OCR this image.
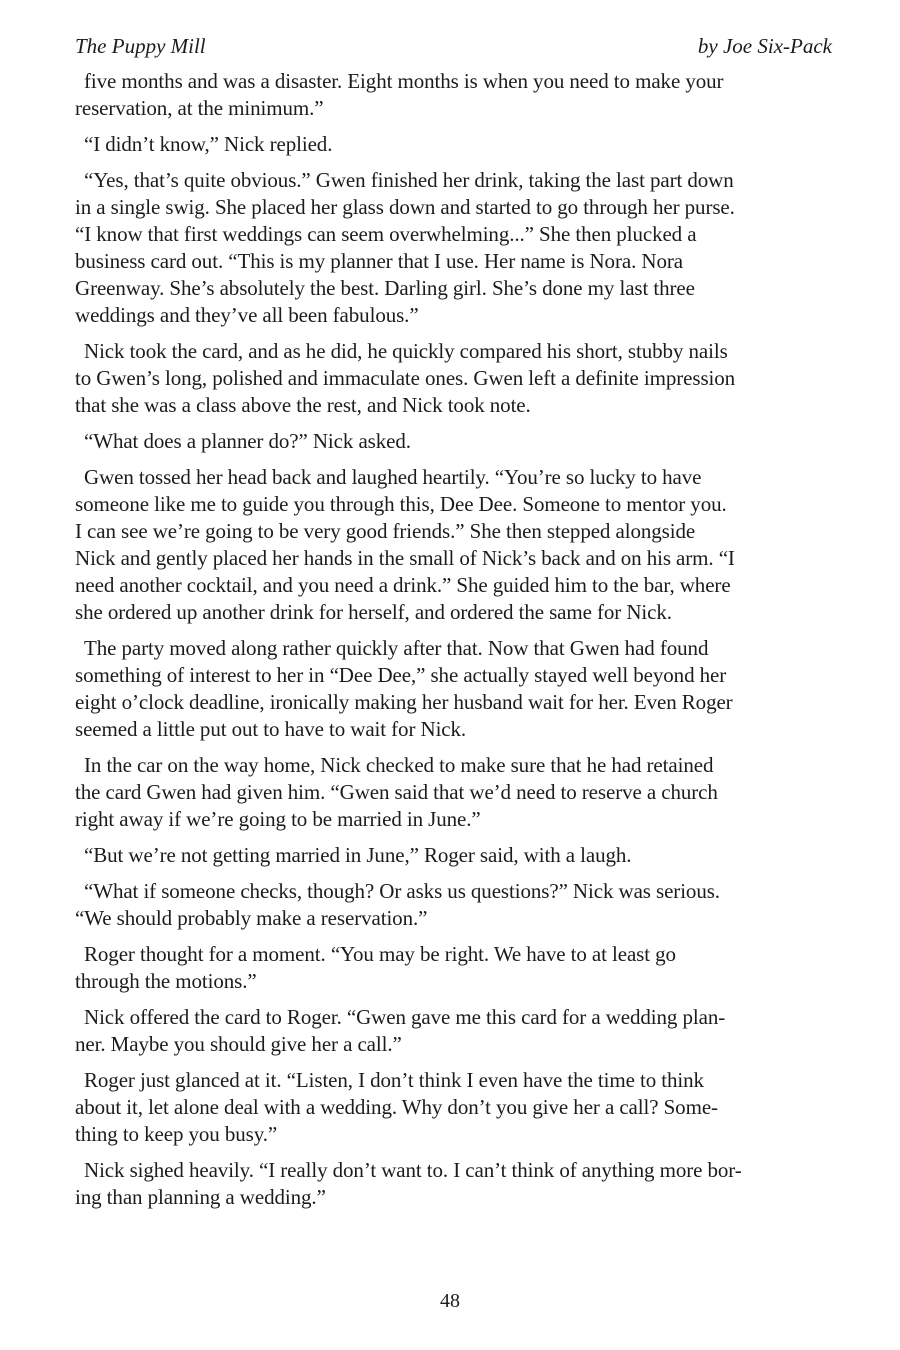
The Puppy Mill	by Joe Six-Pack
five months and was a disaster. Eight months is when you need to make your
reservation, at the minimum.”
“I didn’t know,” Nick replied.
“Yes, that’s quite obvious.” Gwen finished her drink, taking the last part down
in a single swig. She placed her glass down and started to go through her purse.
“I know that first weddings can seem overwhelming...” She then plucked a
business card out. “This is my planner that I use. Her name is Nora. Nora
Greenway. She’s absolutely the best. Darling girl. She’s done my last three
weddings and they’ve all been fabulous.”
Nick took the card, and as he did, he quickly compared his short, stubby nails
to Gwen’s long, polished and immaculate ones. Gwen left a definite impression
that she was a class above the rest, and Nick took note.
“What does a planner do?” Nick asked.
Gwen tossed her head back and laughed heartily. “You’re so lucky to have
someone like me to guide you through this, Dee Dee. Someone to mentor you.
I can see we’re going to be very good friends.” She then stepped alongside
Nick and gently placed her hands in the small of Nick’s back and on his arm. “I
need another cocktail, and you need a drink.” She guided him to the bar, where
she ordered up another drink for herself, and ordered the same for Nick.
The party moved along rather quickly after that. Now that Gwen had found
something of interest to her in “Dee Dee,” she actually stayed well beyond her
eight o’clock deadline, ironically making her husband wait for her. Even Roger
seemed a little put out to have to wait for Nick.
In the car on the way home, Nick checked to make sure that he had retained
the card Gwen had given him. “Gwen said that we’d need to reserve a church
right away if we’re going to be married in June.”
“But we’re not getting married in June,” Roger said, with a laugh.
“What if someone checks, though? Or asks us questions?” Nick was serious.
“We should probably make a reservation.”
Roger thought for a moment. “You may be right. We have to at least go
through the motions.”
Nick offered the card to Roger. “Gwen gave me this card for a wedding plan-
ner. Maybe you should give her a call.”
Roger just glanced at it. “Listen, I don’t think I even have the time to think
about it, let alone deal with a wedding. Why don’t you give her a call? Some-
thing to keep you busy.”
Nick sighed heavily. “I really don’t want to. I can’t think of anything more bor-
ing than planning a wedding.”
48
